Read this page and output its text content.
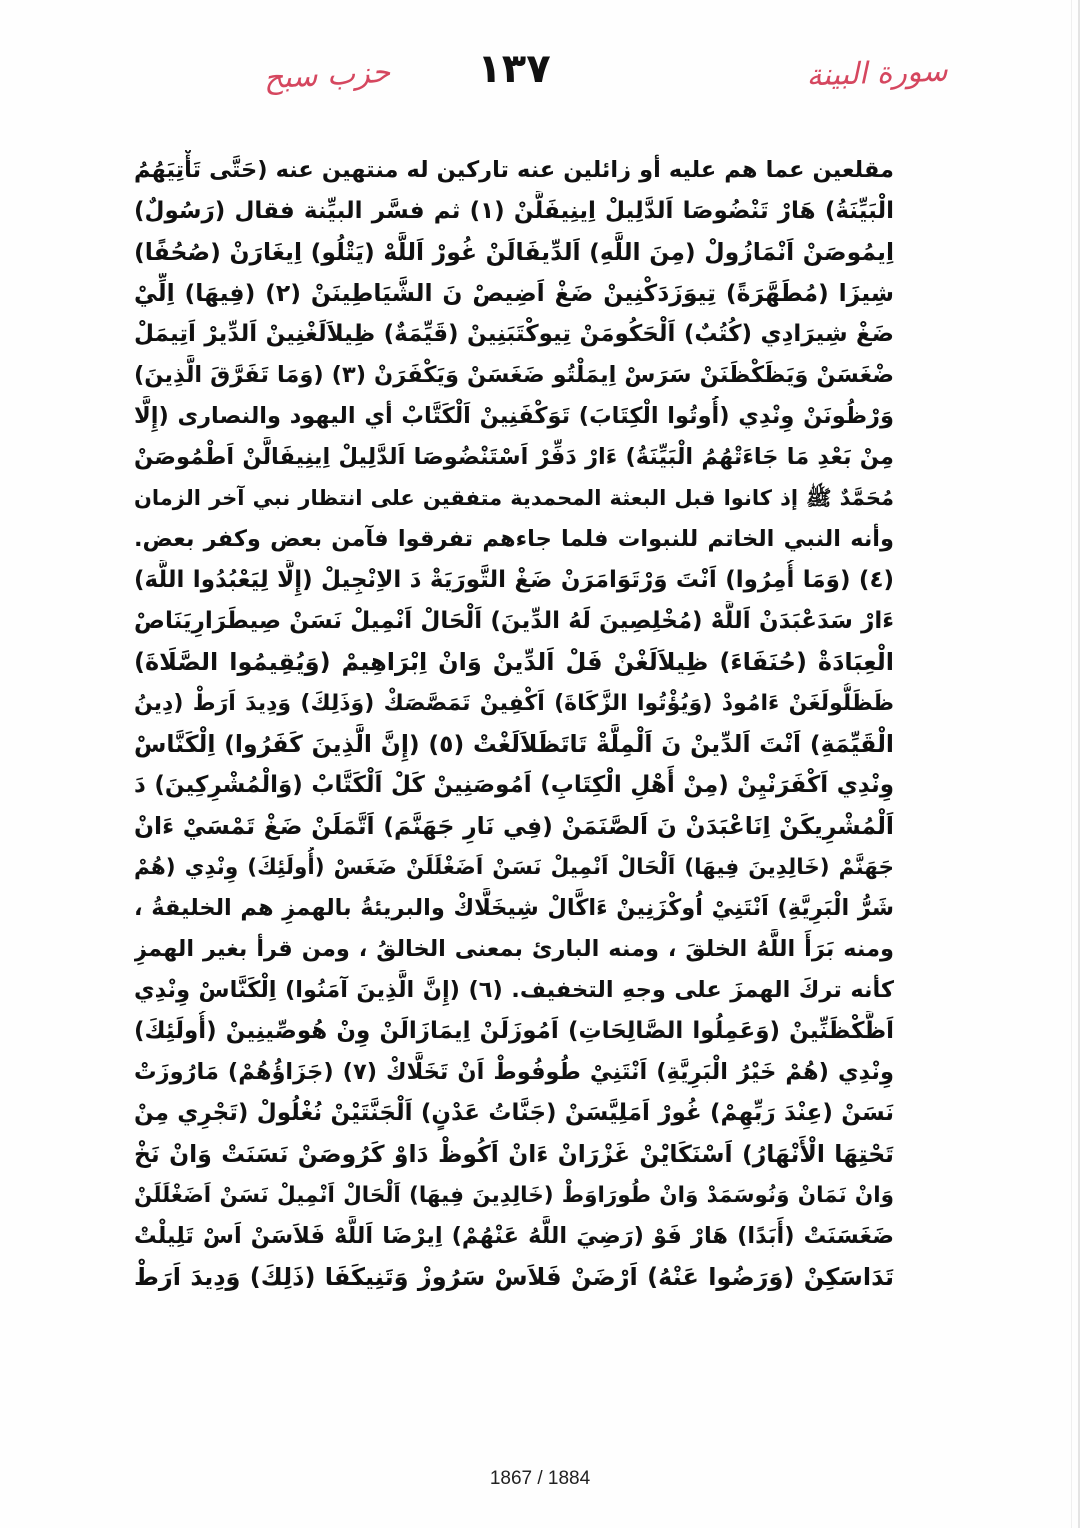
سورة البينة
١٣٧
حزب سبح
مقلعين عما هم عليه أو زائلين عنه تاركين له منتهين عنه (حَتَّى تَأْتِيَهُمُ
الْبَيِّنَةُ) هَارْ تَنْضُوصَا اَلدَّلِيلْ اِينِيفَلَّنْ (١) ثم فسَّر البيِّنة فقال (رَسُولٌ)
اِيمُوصَنْ اَنْمَازُولْ (مِنَ اللَّهِ) اَلدِّيفَالَنْ غُورْ اَللَّهْ (يَتْلُو) اِيغَارَنْ (صُحُفًا)
شِيزَا (مُطَهَّرَةً) تِيوَزَدَكْنِينْ ضَغْ اَضِيصْ نَ الشَّيَاطِينَنْ (٢) (فِيهَا) اِلِّيْ
ضَغْ شِيرَادِي (كُتُبٌ) اَلْحَكُومَنْ تِيوكْتَبَنِينْ (قَيِّمَةٌ) ظِيلاَلَغْنِينْ اَلدِّيرْ اَتِيمَلْ
ضْغَسَنْ وَيَظَكْظَنَنْ سَرَسْ اِيمَلْتُو ضَغَسَنْ وَيَكْفَرَنْ (٣) (وَمَا تَفَرَّقَ الَّذِينَ)
وَرْظُونَنْ وِنْدِي (أُوتُوا الْكِتَابَ) تَوَكْفَنِينْ اَلْكَتَّابْ أي اليهود والنصارى (إِلَّا
مِنْ بَعْدِ مَا جَاءَتْهُمُ الْبَيِّنَةُ) ءَارْ دَفِّرْ اَسْتَنْضُوصَا اَلدَّلِيلْ اِينِيفَالَّنْ اَطْمُوصَنْ
مُحَمَّدٌ ﷺ إذ كانوا قبل البعثة المحمدية متفقين على انتظار نبي آخر الزمان
وأنه النبي الخاتم للنبوات فلما جاءهم تفرقوا فآمن بعض وكفر بعض.
(٤) (وَمَا أُمِرُوا) اَنْتَ وَرْتَوَامَرَنْ ضَغْ التَّورَيَةْ دَ الاِنْجِيلْ (إِلَّا لِيَعْبُدُوا اللَّهَ)
ءَارْ سَدَعْبَدَنْ اَللَّهْ (مُخْلِصِينَ لَهُ الدِّينَ) اَلْحَالْ اَنْمِيلْ نَسَنْ صِيطَرَارِيَنَاصْ
الْعِبَادَةْ (حُنَفَاءَ) ظِيلاَلَغْنْ فَلْ اَلدِّينْ وَانْ اِبْرَاهِيمْ (وَيُقِيمُوا الصَّلَاةَ)
ظَظَلُّولَغَنْ ءَامُودْ (وَيُؤْتُوا الزَّكَاةَ) اَكْفِينْ تَمَصَّصَكْ (وَذَلِكَ) وَدِيدَ اَرَطْ (دِينُ
الْقَيِّمَةِ) اَنْتَ اَلدِّينْ نَ اَلْمِلَّةْ تَاتَظَلاَلَغْتْ (٥) (إِنَّ الَّذِينَ كَفَرُوا) اِلْكَنَّاسْ
وِنْدِي اَكْفَرَنْيِنْ (مِنْ أَهْلِ الْكِتَابِ) اَمُوصَنِينْ كَلْ اَلْكَتَّابْ (وَالْمُشْرِكِينَ) دَ
اَلْمُشْرِيكَنْ اِنَاعْبَدَنْ نَ اَلصَّنَمَنْ (فِي نَارِ جَهَنَّمَ) اَتَّمَلَنْ ضَغْ تَمْسَيْ ءَانْ
جَهَنَّمْ (خَالِدِينَ فِيهَا) اَلْحَالْ اَنْمِيلْ نَسَنْ اَضَغْلَلَنْ ضَغَسْ (أُولَئِكَ) وِنْدِي (هُمْ
شَرُّ الْبَرِيَّةِ) اَنْتَنِيْ اُوكْزَنِينْ ءَاكَّالْ شِيخَلَّاكْ والبريئةُ بالهمزِ هم الخليقةُ ،
ومنه بَرَأَ اللَّهُ الخلقَ ، ومنه البارئ بمعنى الخالقُ ، ومن قرأ بغير الهمزِ
كأنه تركَ الهمزَ على وجهِ التخفيف. (٦) (إِنَّ الَّذِينَ آمَنُوا) اِلْكَنَّاسْ وِنْدِي
اَظَّكْظَنِّينْ (وَعَمِلُوا الصَّالِحَاتِ) اَمُوزَلَنْ اِيمَازَالَنْ وِنْ هُوصِّينِينْ (أُولَئِكَ)
وِنْدِي (هُمْ خَيْرُ الْبَرِيَّةِ) اَنْتَنِيْ طُوفُوطْ اَنْ تَخَلَّاكْ (٧) (جَزَاؤُهُمْ) مَارُوزَتْ
نَسَنْ (عِنْدَ رَبِّهِمْ) غُورْ اَمَلِيَّسَنْ (جَنَّاتُ عَدْنٍ) اَلْجَنَّتَيْنْ نُغْلُولْ (تَجْرِي مِنْ
تَحْتِهَا الْأَنْهَارُ) اَسْنَكَايْنْ غَزْرَانْ ءَانْ اَكُوظْ دَاوْ كَرُوصَنْ نَسَنَتْ وَانْ نَخْ
وَانْ نَمَانْ وَنُوسَمَدْ وَانْ طُورَاوَطْ (خَالِدِينَ فِيهَا) اَلْحَالْ اَنْمِيلْ نَسَنْ اَضَغْلَلَنْ
ضَغَسَنَتْ (أَبَدًا) هَارْ فَوْ (رَضِيَ اللَّهُ عَنْهُمْ) اِيرْضَا اَللَّهْ فَلاَسَنْ اَسْ تَلِيلْتْ
تَدَاسَكِنْ (وَرَضُوا عَنْهُ) اَرْضَنْ فَلاَسْ سَرُوزْ وَتَنِيكَفَا (ذَلِكَ) وَدِيدَ اَرَطْ
1867 / 1884
